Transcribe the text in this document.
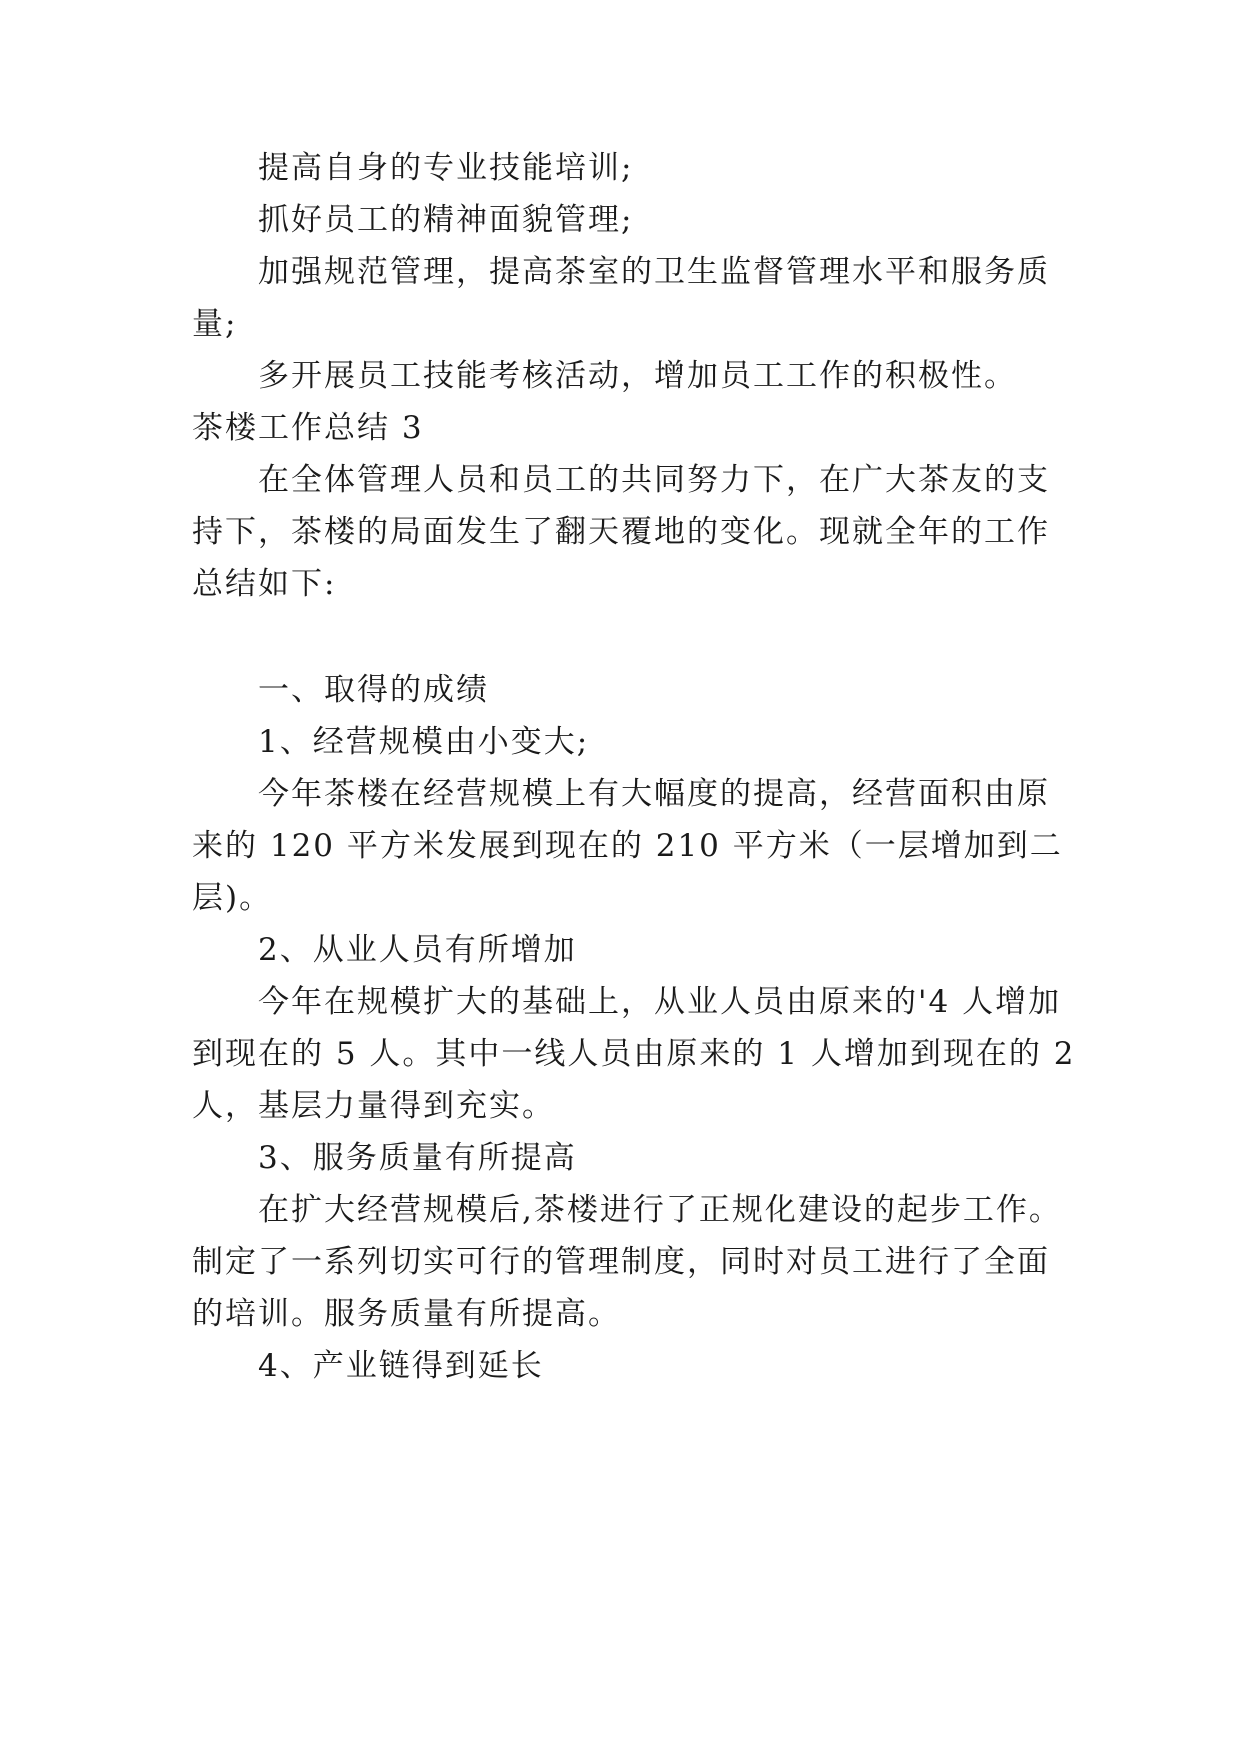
提高自身的专业技能培训;
抓好员工的精神面貌管理;
加强规范管理，提高茶室的卫生监督管理水平和服务质
量;
多开展员工技能考核活动，增加员工工作的积极性。
茶楼工作总结 3
在全体管理人员和员工的共同努力下，在广大茶友的支
持下，茶楼的局面发生了翻天覆地的变化。现就全年的工作
总结如下:
一、取得的成绩
1、经营规模由小变大;
今年茶楼在经营规模上有大幅度的提高，经营面积由原
来的 120 平方米发展到现在的 210 平方米（一层增加到二
层)。
2、从业人员有所增加
今年在规模扩大的基础上，从业人员由原来的'4 人增加
到现在的 5 人。其中一线人员由原来的 1 人增加到现在的 2
人，基层力量得到充实。
3、服务质量有所提高
在扩大经营规模后,茶楼进行了正规化建设的起步工作。
制定了一系列切实可行的管理制度，同时对员工进行了全面
的培训。服务质量有所提高。
4、产业链得到延长
